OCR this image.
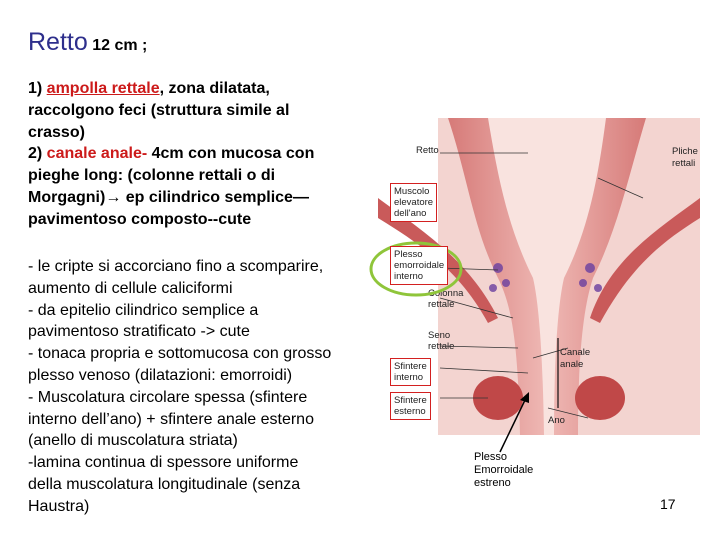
Retto 12 cm ;
1) ampolla rettale, zona dilatata,
raccolgono feci (struttura simile al
crasso)
2) canale anale- 4cm con mucosa con
pieghe long: (colonne rettali o di
Morgagni)→ ep cilindrico semplice—
pavimentoso composto--cute
- le cripte si accorciano fino a scomparire,
aumento di cellule caliciformi
- da epitelio cilindrico semplice a
pavimentoso stratificato -> cute
- tonaca propria e sottomucosa con grosso
plesso venoso (dilatazioni: emorroidi)
- Muscolatura circolare spessa (sfintere
interno dell’ano) + sfintere anale esterno
(anello di muscolatura striata)
-lamina continua di spessore uniforme
della muscolatura longitudinale (senza
Haustra)
Retto	Pliche
rettali
Colonna
rettale
Seno
rettale
Canale
anale
Ano
Muscolo
elevatore
dell'ano
Plesso
emorroidale
interno
Sfintere
interno
Sfintere
esterno
Plesso
Emorroidale
estreno
17
